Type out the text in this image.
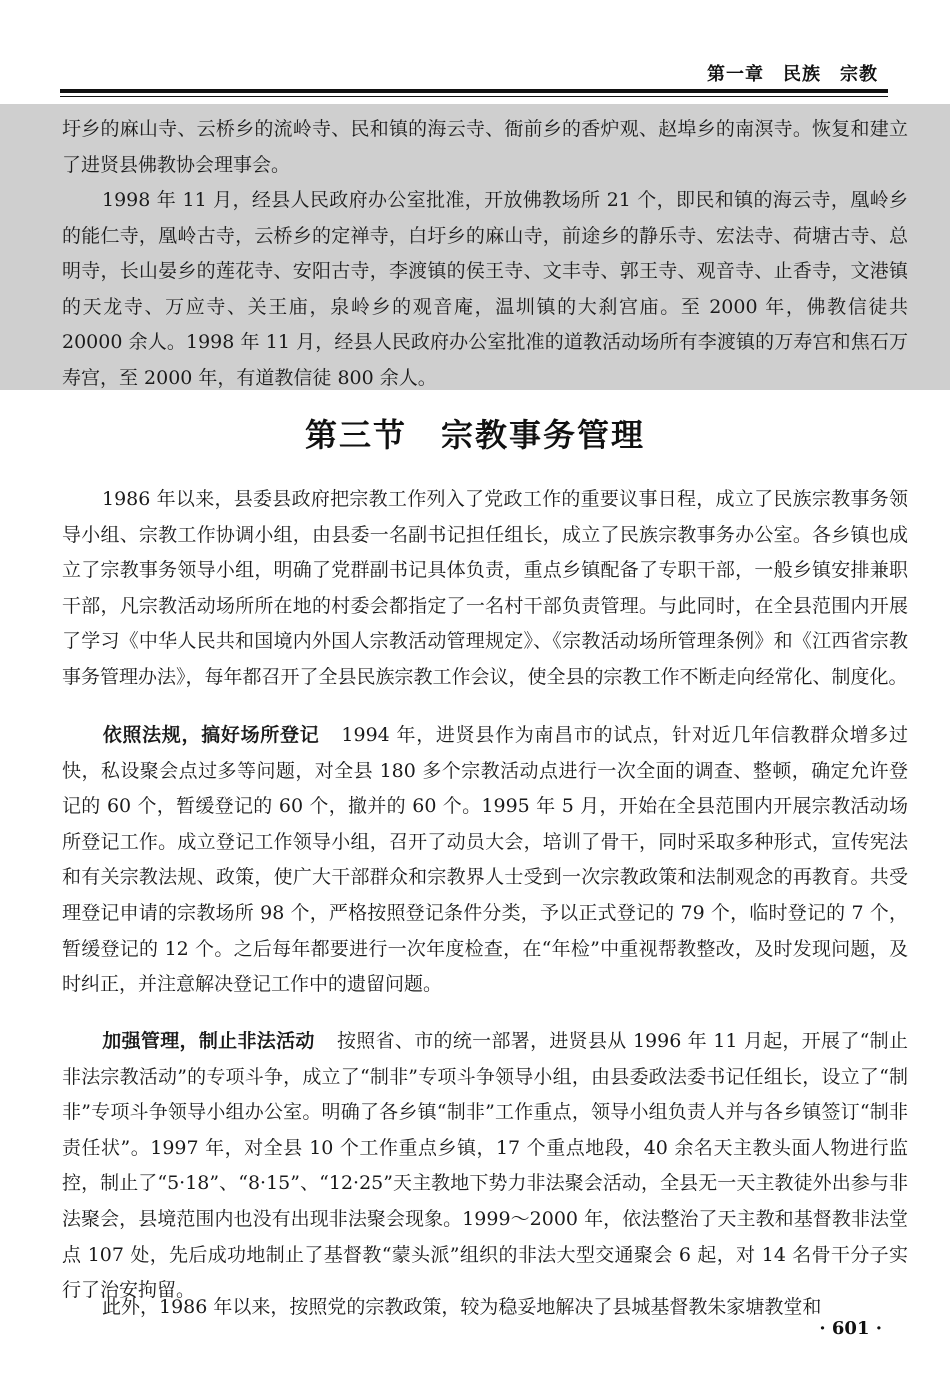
第一章　民族　宗教

圩乡的麻山寺、云桥乡的流岭寺、民和镇的海云寺、衙前乡的香炉观、赵埠乡的南溟寺。恢复和建立了进贤县佛教协会理事会。

1998 年 11 月，经县人民政府办公室批准，开放佛教场所 21 个，即民和镇的海云寺，凰岭乡的能仁寺，凰岭古寺，云桥乡的定禅寺，白圩乡的麻山寺，前途乡的静乐寺、宏法寺、荷塘古寺、总明寺，长山晏乡的莲花寺、安阳古寺，李渡镇的侯王寺、文丰寺、郭王寺、观音寺、止香寺，文港镇的天龙寺、万应寺、关王庙，泉岭乡的观音庵，温圳镇的大刹宫庙。至 2000 年，佛教信徒共 20000 余人。1998 年 11 月，经县人民政府办公室批准的道教活动场所有李渡镇的万寿宫和焦石万寿宫，至 2000 年，有道教信徒 800 余人。

第三节 宗教事务管理

1986 年以来，县委县政府把宗教工作列入了党政工作的重要议事日程，成立了民族宗教事务领导小组、宗教工作协调小组，由县委一名副书记担任组长，成立了民族宗教事务办公室。各乡镇也成立了宗教事务领导小组，明确了党群副书记具体负责，重点乡镇配备了专职干部，一般乡镇安排兼职干部，凡宗教活动场所所在地的村委会都指定了一名村干部负责管理。与此同时，在全县范围内开展了学习《中华人民共和国境内外国人宗教活动管理规定》、《宗教活动场所管理条例》和《江西省宗教事务管理办法》，每年都召开了全县民族宗教工作会议，使全县的宗教工作不断走向经常化、制度化。

依照法规，搞好场所登记 1994 年，进贤县作为南昌市的试点，针对近几年信教群众增多过快，私设聚会点过多等问题，对全县 180 多个宗教活动点进行一次全面的调查、整顿，确定允许登记的 60 个，暂缓登记的 60 个，撤并的 60 个。1995 年 5 月，开始在全县范围内开展宗教活动场所登记工作。成立登记工作领导小组，召开了动员大会，培训了骨干，同时采取多种形式，宣传宪法和有关宗教法规、政策，使广大干部群众和宗教界人士受到一次宗教政策和法制观念的再教育。共受理登记申请的宗教场所 98 个，严格按照登记条件分类，予以正式登记的 79 个，临时登记的 7 个，暂缓登记的 12 个。之后每年都要进行一次年度检查，在“年检”中重视帮教整改，及时发现问题，及时纠正，并注意解决登记工作中的遗留问题。

加强管理，制止非法活动 按照省、市的统一部署，进贤县从 1996 年 11 月起，开展了“制止非法宗教活动”的专项斗争，成立了“制非”专项斗争领导小组，由县委政法委书记任组长，设立了“制非”专项斗争领导小组办公室。明确了各乡镇“制非”工作重点，领导小组负责人并与各乡镇签订“制非责任状”。1997 年，对全县 10 个工作重点乡镇，17 个重点地段，40 余名天主教头面人物进行监控，制止了“5·18”、“8·15”、“12·25”天主教地下势力非法聚会活动，全县无一天主教徒外出参与非法聚会，县境范围内也没有出现非法聚会现象。1999～2000 年，依法整治了天主教和基督教非法堂点 107 处，先后成功地制止了基督教“蒙头派”组织的非法大型交通聚会 6 起，对 14 名骨干分子实行了治安拘留。

此外，1986 年以来，按照党的宗教政策，较为稳妥地解决了县城基督教朱家塘教堂和

· 601 ·
